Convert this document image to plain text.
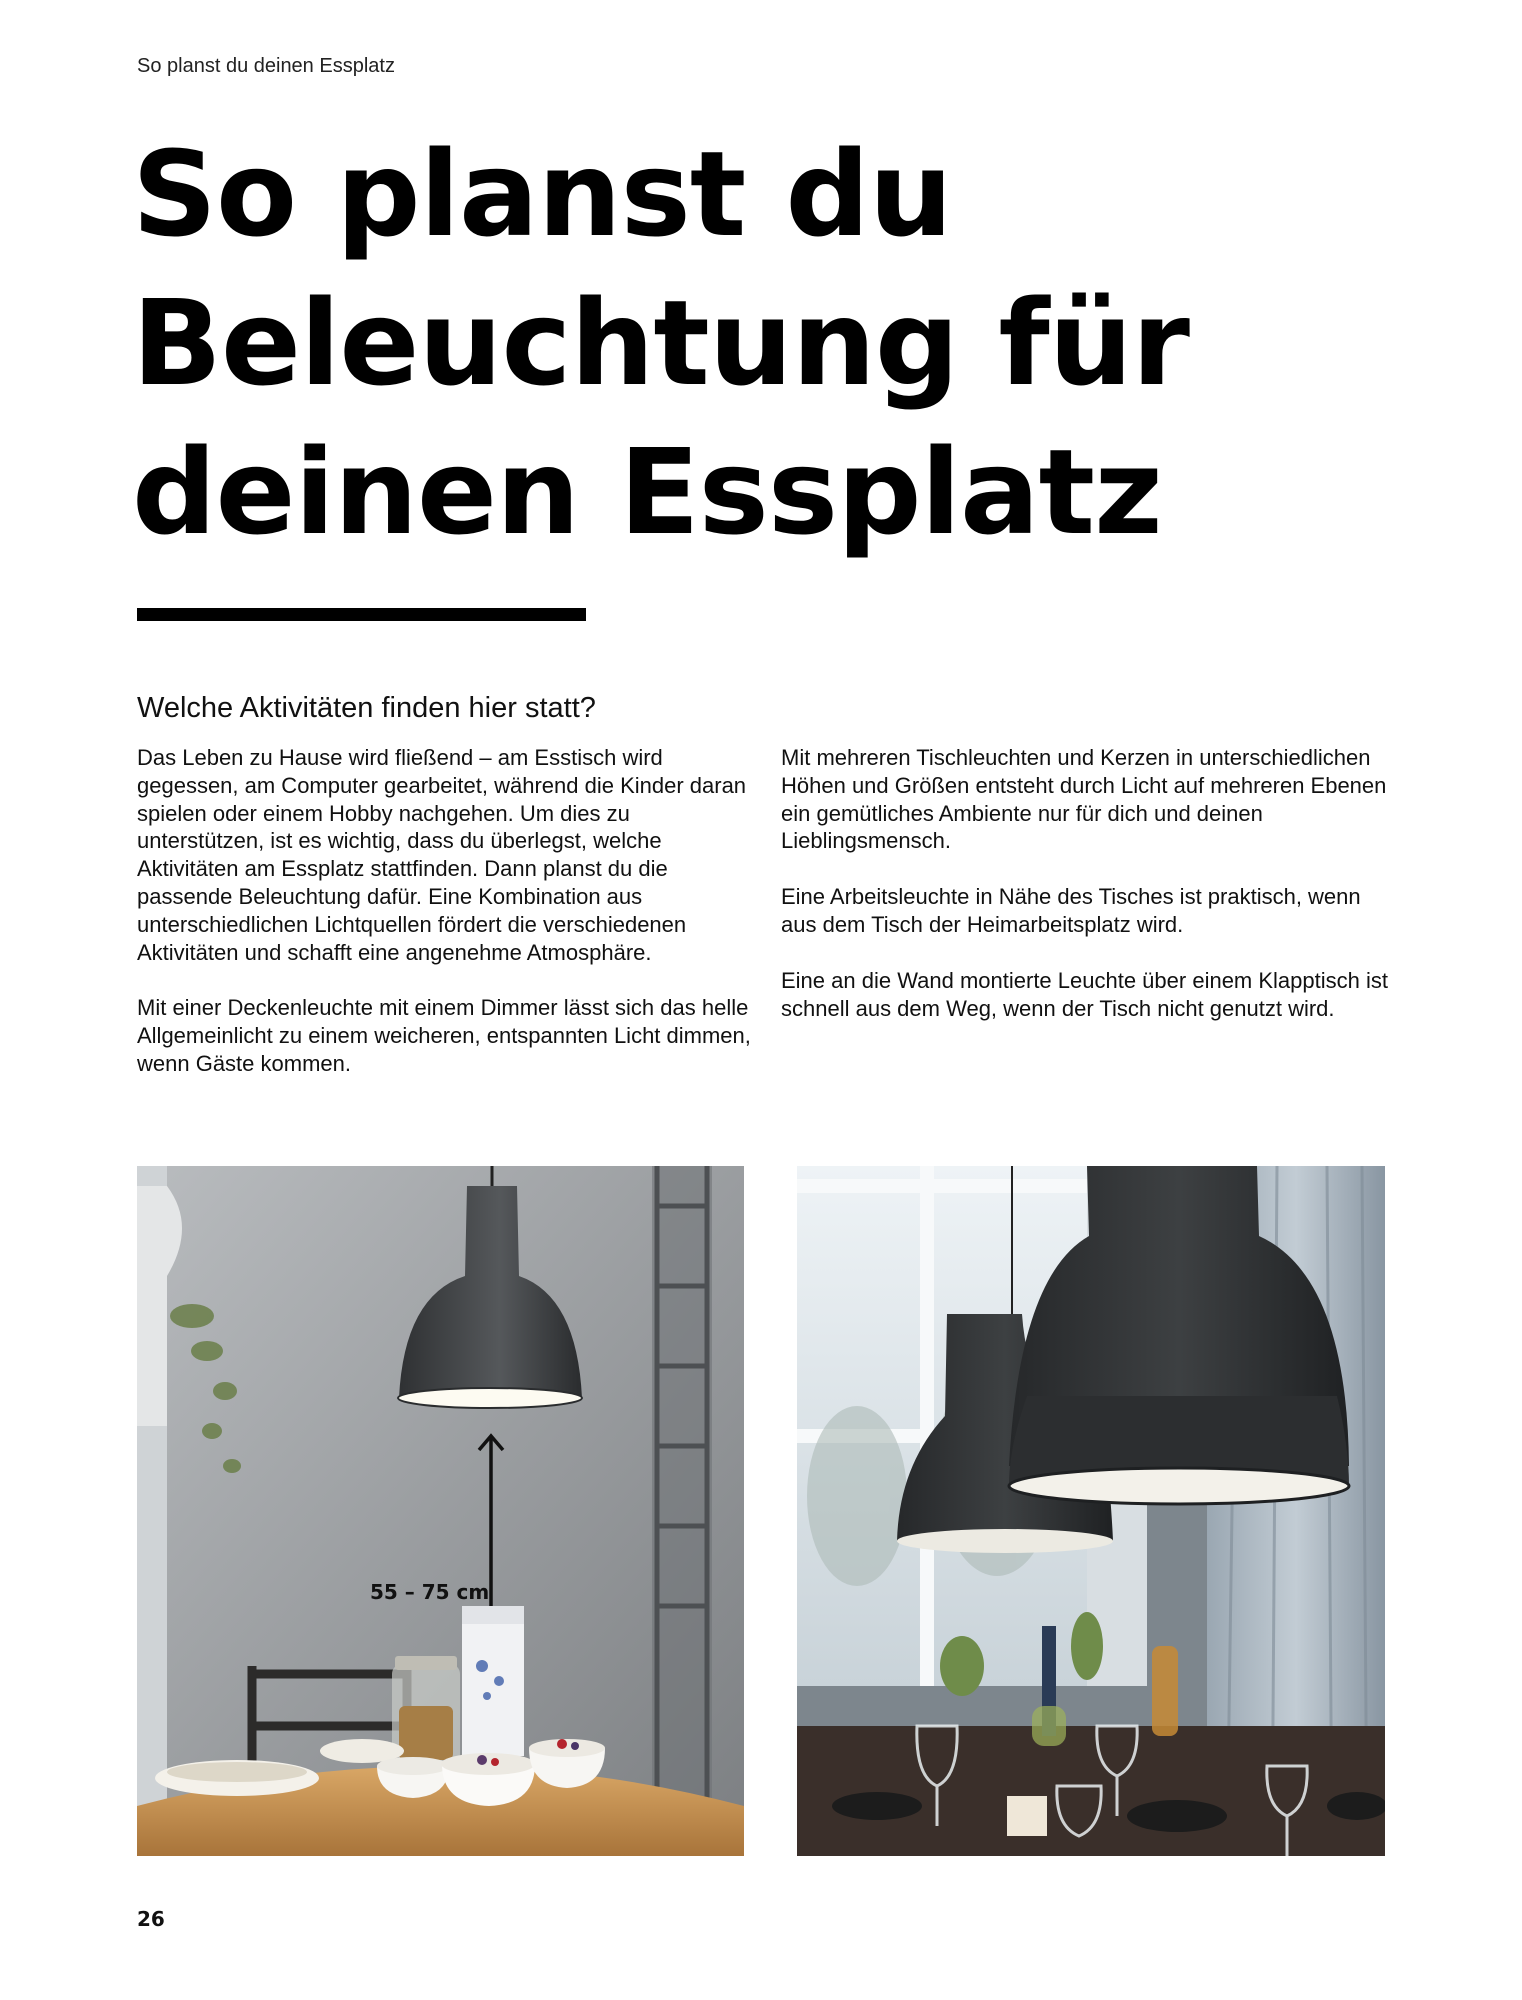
So planst du deinen Essplatz
So planst du
Beleuchtung für
deinen Essplatz
Welche Aktivitäten finden hier statt?

Das Leben zu Hause wird fließend – am Esstisch wird gegessen, am Computer gearbeitet, während die Kinder daran spielen oder einem Hobby nachgehen. Um dies zu unterstützen, ist es wichtig, dass du überlegst, welche Aktivitäten am Essplatz stattfinden. Dann planst du die passende Beleuchtung dafür. Eine Kombination aus unterschiedlichen Lichtquellen fördert die verschiedenen Aktivitäten und schafft eine angenehme Atmosphäre.

Mit einer Deckenleuchte mit einem Dimmer lässt sich das helle Allgemeinlicht zu einem weicheren, entspannten Licht dimmen, wenn Gäste kommen.

Mit mehreren Tischleuchten und Kerzen in unterschiedlichen Höhen und Größen entsteht durch Licht auf mehreren Ebenen ein gemütliches Ambiente nur für dich und deinen Lieblingsmensch.

Eine Arbeitsleuchte in Nähe des Tisches ist praktisch, wenn aus dem Tisch der Heimarbeitsplatz wird.

Eine an die Wand montierte Leuchte über einem Klapptisch ist schnell aus dem Weg, wenn der Tisch nicht genutzt wird.

55 – 75 cm
26
